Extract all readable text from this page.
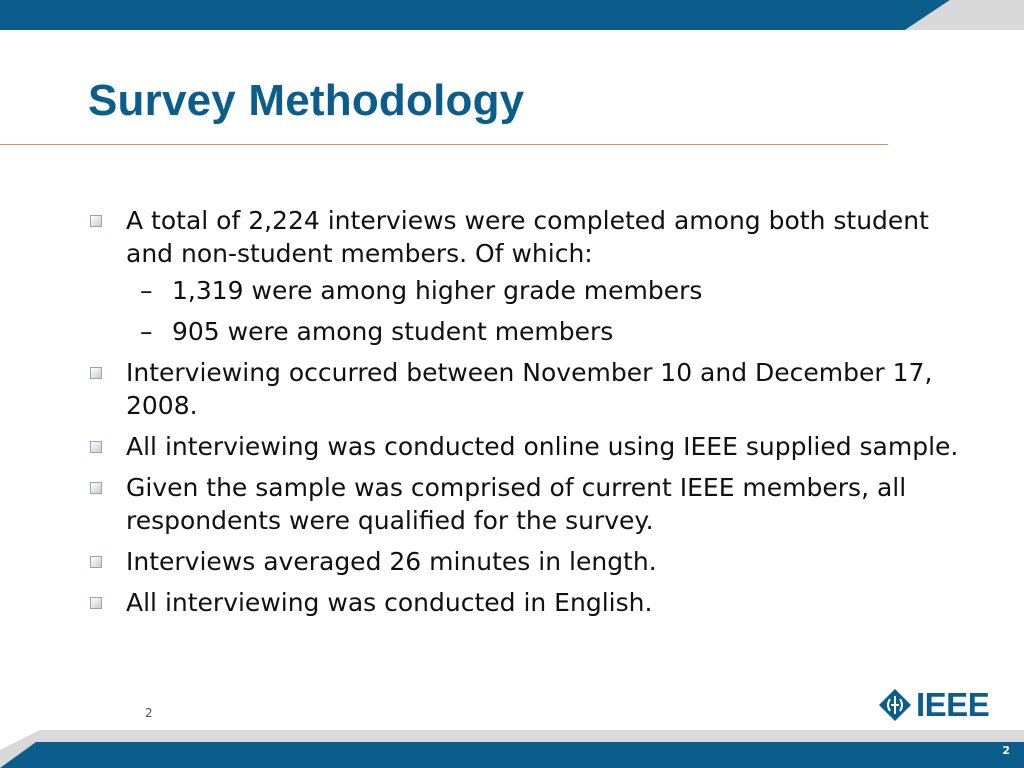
Survey Methodology
A total of 2,224 interviews were completed among both student and non-student members. Of which:
– 1,319 were among higher grade members
– 905 were among student members
Interviewing occurred between November 10 and December 17, 2008.
All interviewing was conducted online using IEEE supplied sample.
Given the sample was comprised of current IEEE members, all respondents were qualified for the survey.
Interviews averaged 26 minutes in length.
All interviewing was conducted in English.
2	IEEE
2
